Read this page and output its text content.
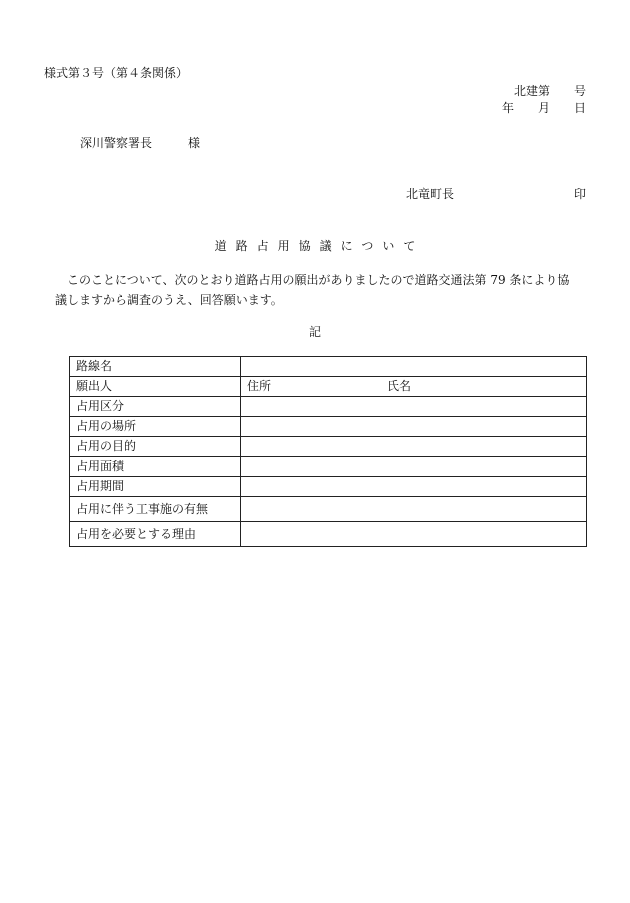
様式第３号（第４条関係）
北建第　　号
年　　月　　日
深川警察署長	様
北竜町長	印
道路占用協議について
このことについて、次のとおり道路占用の願出がありましたので道路交通法第 79 条により協議しますから調査のうえ、回答願います。
記
路線名	
願出人	住所 氏名
占用区分	
占用の場所	
占用の目的	
占用面積	
占用期間	
占用に伴う工事施の有無	
占用を必要とする理由	
